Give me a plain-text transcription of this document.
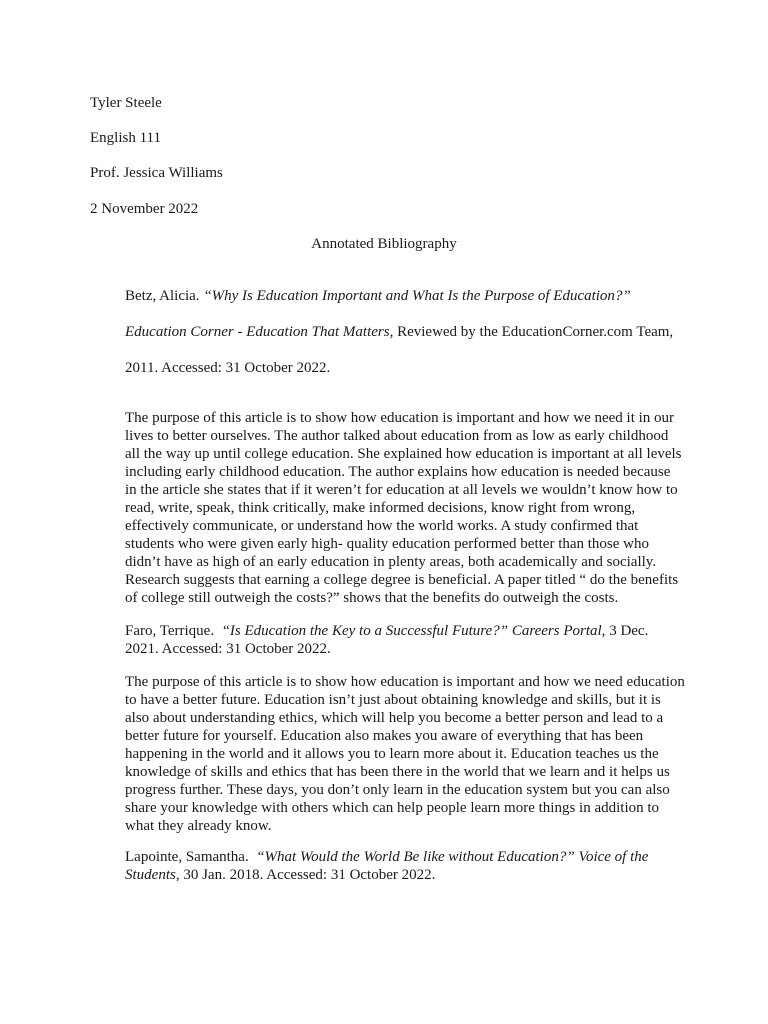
Tyler Steele

English 111

Prof. Jessica Williams

2 November 2022

Annotated Bibliography

Betz, Alicia. “Why Is Education Important and What Is the Purpose of Education?”

Education Corner - Education That Matters, Reviewed by the EducationCorner.com Team,

2011. Accessed: 31 October 2022.

The purpose of this article is to show how education is important and how we need it in our lives to better ourselves. The author talked about education from as low as early childhood all the way up until college education. She explained how education is important at all levels including early childhood education. The author explains how education is needed because in the article she states that if it weren’t for education at all levels we wouldn’t know how to read, write, speak, think critically, make informed decisions, know right from wrong, effectively communicate, or understand how the world works. A study confirmed that students who were given early high- quality education performed better than those who didn’t have as high of an early education in plenty areas, both academically and socially. Research suggests that earning a college degree is beneficial. A paper titled “ do the benefits of college still outweigh the costs?” shows that the benefits do outweigh the costs.

Faro, Terrique. “Is Education the Key to a Successful Future?” Careers Portal, 3 Dec. 2021. Accessed: 31 October 2022.

The purpose of this article is to show how education is important and how we need education to have a better future. Education isn’t just about obtaining knowledge and skills, but it is also about understanding ethics, which will help you become a better person and lead to a better future for yourself. Education also makes you aware of everything that has been happening in the world and it allows you to learn more about it. Education teaches us the knowledge of skills and ethics that has been there in the world that we learn and it helps us progress further. These days, you don’t only learn in the education system but you can also share your knowledge with others which can help people learn more things in addition to what they already know.

Lapointe, Samantha. “What Would the World Be like without Education?” Voice of the Students, 30 Jan. 2018. Accessed: 31 October 2022.
